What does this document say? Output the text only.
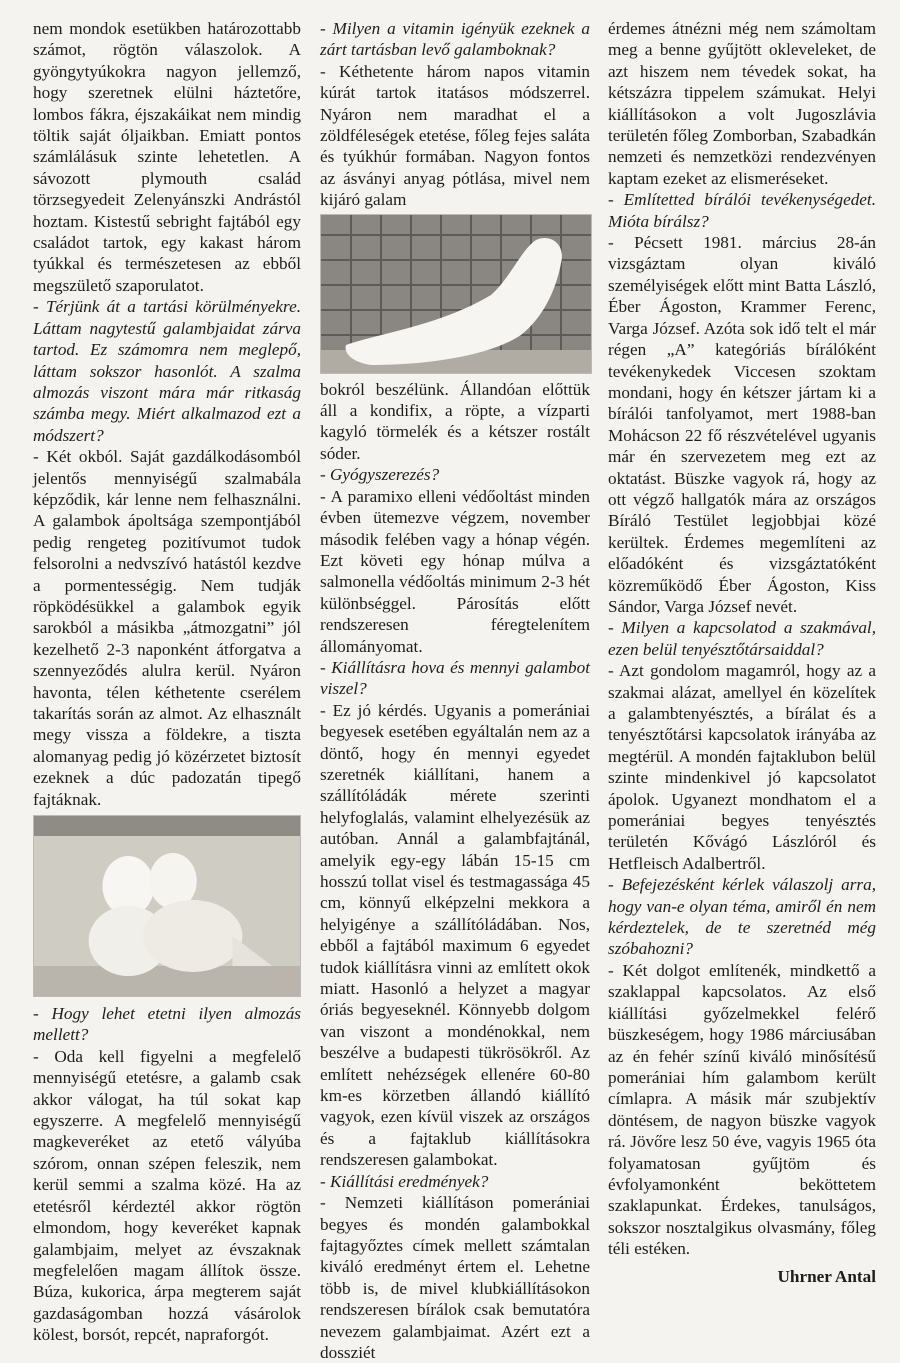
nem mondok esetükben határozottabb számot, rögtön válaszolok. A gyöngytyúkokra nagyon jellemző, hogy szeretnek elülni háztetőre, lombos fákra, éjszakáikat nem mindig töltik saját óljaikban. Emiatt pontos számlálásuk szinte lehetetlen. A sávozott plymouth család törzsegyedeit Zelenyánszki Andrástól hoztam. Kistestű sebright fajtából egy családot tartok, egy kakast három tyúkkal és természetesen az ebből megszülető szaporulatot.

- Térjünk át a tartási körülményekre. Láttam nagytestű galambjaidat zárva tartod. Ez számomra nem meglepő, láttam sokszor hasonlót. A szalma almozás viszont mára már ritkaság számba megy. Miért alkalmazod ezt a módszert?

- Két okból. Saját gazdálkodásomból jelentős mennyiségű szalmabála képződik, kár lenne nem felhasználni. A galambok ápoltsága szempontjából pedig rengeteg pozitívumot tudok felsorolni a nedvszívó hatástól kezdve a pormentességig. Nem tudják röpködésükkel a galambok egyik sarokból a másikba „átmozgatni” jól kezelhető 2-3 naponként átforgatva a szennyeződés alulra kerül. Nyáron havonta, télen kéthetente cserélem takarítás során az almot. Az elhasznált megy vissza a földekre, a tiszta alomanyag pedig jó közérzetet biztosít ezeknek a dúc padozatán tipegő fajtáknak.

- Hogy lehet etetni ilyen almozás mellett?

- Oda kell figyelni a megfelelő mennyiségű etetésre, a galamb csak akkor válogat, ha túl sokat kap egyszerre. A megfelelő mennyiségű magkeveréket az etető vályúba szórom, onnan szépen feleszik, nem kerül semmi a szalma közé. Ha az etetésről kérdeztél akkor rögtön elmondom, hogy keveréket kapnak galambjaim, melyet az évszaknak megfelelően magam állítok össze. Búza, kukorica, árpa megterem saját gazdaságomban hozzá vásárolok kölest, borsót, repcét, napraforgót.

- Milyen a vitamin igényük ezeknek a zárt tartásban levő galamboknak?

- Kéthetente három napos vitamin kúrát tartok itatásos módszerrel. Nyáron nem maradhat el a zöldféleségek etetése, főleg fejes saláta és tyúkhúr formában. Nagyon fontos az ásványi anyag pótlása, mivel nem kijáró galam

bokról beszélünk. Állandóan előttük áll a kondifix, a röpte, a vízparti kagyló törmelék és a kétszer rostált sóder.

- Gyógyszerezés?

- A paramixo elleni védőoltást minden évben ütemezve végzem, november második felében vagy a hónap végén. Ezt követi egy hónap múlva a salmonella védőoltás minimum 2-3 hét különbséggel. Párosítás előtt rendszeresen féregtelenítem állományomat.

- Kiállításra hova és mennyi galambot viszel?

- Ez jó kérdés. Ugyanis a pomerániai begyesek esetében egyáltalán nem az a döntő, hogy én mennyi egyedet szeretnék kiállítani, hanem a szállítóládák mérete szerinti helyfoglalás, valamint elhelyezésük az autóban. Annál a galambfajtánál, amelyik egy-egy lábán 15-15 cm hosszú tollat visel és testmagassága 45 cm, könnyű elképzelni mekkora a helyigénye a szállítóládában. Nos, ebből a fajtából maximum 6 egyedet tudok kiállításra vinni az említett okok miatt. Hasonló a helyzet a magyar óriás begyeseknél. Könnyebb dolgom van viszont a mondénokkal, nem beszélve a budapesti tükrösökről. Az említett nehézségek ellenére 60-80 km-es körzetben állandó kiállító vagyok, ezen kívül viszek az országos és a fajtaklub kiállításokra rendszeresen galambokat.

- Kiállítási eredmények?

- Nemzeti kiállításon pomerániai begyes és mondén galambokkal fajtagyőztes címek mellett számtalan kiváló eredményt értem el. Lehetne több is, de mivel klubkiállításokon rendszeresen bírálok csak bemutatóra nevezem galambjaimat. Azért ezt a dossziét

érdemes átnézni még nem számoltam meg a benne gyűjtött okleveleket, de azt hiszem nem tévedek sokat, ha kétszázra tippelem számukat. Helyi kiállításokon a volt Jugoszlávia területén főleg Zomborban, Szabadkán nemzeti és nemzetközi rendezvényen kaptam ezeket az elismeréseket.

- Említetted bírálói tevékenységedet. Mióta bírálsz?

- Pécsett 1981. március 28-án vizsgáztam olyan kiváló személyiségek előtt mint Batta László, Éber Ágoston, Krammer Ferenc, Varga József. Azóta sok idő telt el már régen „A” kategóriás bírálóként tevékenykedek Viccesen szoktam mondani, hogy én kétszer jártam ki a bírálói tanfolyamot, mert 1988-ban Mohácson 22 fő részvételével ugyanis már én szervezetem meg ezt az oktatást. Büszke vagyok rá, hogy az ott végző hallgatók mára az országos Bíráló Testület legjobbjai közé kerültek. Érdemes megemlíteni az előadóként és vizsgáztatóként közreműködő Éber Ágoston, Kiss Sándor, Varga József nevét.

- Milyen a kapcsolatod a szakmával, ezen belül tenyésztőtársaiddal?

- Azt gondolom magamról, hogy az a szakmai alázat, amellyel én közelítek a galambtenyésztés, a bírálat és a tenyésztőtársi kapcsolatok irányába az megtérül. A mondén fajtaklubon belül szinte mindenkivel jó kapcsolatot ápolok. Ugyanezt mondhatom el a pomerániai begyes tenyésztés területén Kővágó Lászlóról és Hetfleisch Adalbertről.

- Befejezésként kérlek válaszolj arra, hogy van-e olyan téma, amiről én nem kérdeztelek, de te szeretnéd még szóbahozni?

- Két dolgot említenék, mindkettő a szaklappal kapcsolatos. Az első kiállítási győzelmekkel felérő büszkeségem, hogy 1986 márciusában az én fehér színű kiváló minősítésű pomerániai hím galambom került címlapra. A másik már szubjektív döntésem, de nagyon büszke vagyok rá. Jövőre lesz 50 éve, vagyis 1965 óta folyamatosan gyűjtöm és évfolyamonként beköttetem szaklapunkat. Érdekes, tanulságos, sokszor nosztalgikus olvasmány, főleg téli estéken.

Uhrner Antal
